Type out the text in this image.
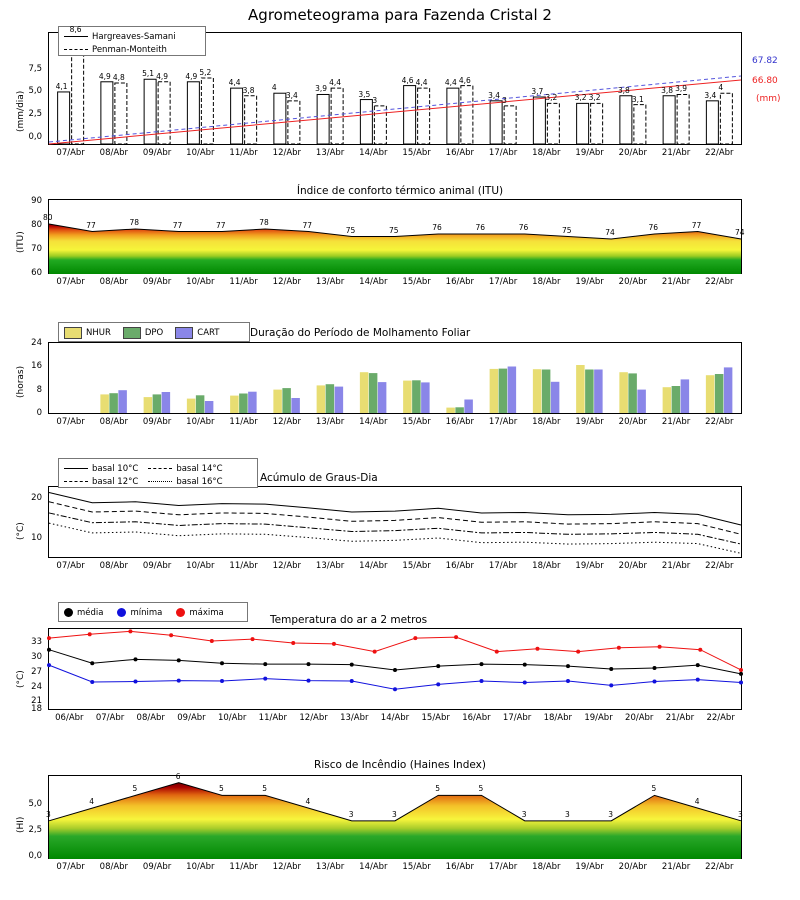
Agrometeograma para Fazenda Cristal 2
(mm/dia)
7,5
5,0
2,5
0,0
Hargreaves-Samani
Penman-Monteith
67.82
66.80
(mm)
4,1
8,6
4,9 4,8 5,1 4,9 4,9 5,2
4,4
3,8 4
3,4
3,9
4,4
3,5
3
4,6 4,4 4,4 4,6
3,4
3
3,7
3,2 3,2 3,2
3,8
3,1
3,8 3,9
3,4
4
07/Abr	08/Abr	09/Abr	10/Abr	11/Abr	12/Abr	13/Abr	14/Abr	15/Abr	16/Abr	17/Abr	18/Abr	19/Abr	20/Abr	21/Abr	22/Abr
Índice de conforto térmico animal (ITU)
(ITU)
90
80
70
60
80
77	78	77	77	78	77
75	75	76	76	76	75	74
76	77
74
07/Abr	08/Abr	09/Abr	10/Abr	11/Abr	12/Abr	13/Abr	14/Abr	15/Abr	16/Abr	17/Abr	18/Abr	19/Abr	20/Abr	21/Abr	22/Abr
Duração do Período de Molhamento Foliar
(horas)
24
16
8
0
NHUR	DPO	CART
07/Abr	08/Abr	09/Abr	10/Abr	11/Abr	12/Abr	13/Abr	14/Abr	15/Abr	16/Abr	17/Abr	18/Abr	19/Abr	20/Abr	21/Abr	22/Abr
Acúmulo de Graus-Dia
(°C)
20
10
basal 10°C
basal 12°C
basal 14°C
basal 16°C
07/Abr	08/Abr	09/Abr	10/Abr	11/Abr	12/Abr	13/Abr	14/Abr	15/Abr	16/Abr	17/Abr	18/Abr	19/Abr	20/Abr	21/Abr	22/Abr
Temperatura do ar a 2 metros
(°C)
33
30
27
24
21
18
média	mínima	máxima
06/Abr	07/Abr	08/Abr	09/Abr	10/Abr	11/Abr	12/Abr	13/Abr	14/Abr	15/Abr	16/Abr	17/Abr	18/Abr	19/Abr	20/Abr	21/Abr	22/Abr
Risco de Incêndio (Haines Index)
(HI)
5,0
2,5
0,0
3
4
5
6
5	5
4
3	3
5	5
3	3	3
5
4
3
07/Abr	08/Abr	09/Abr	10/Abr	11/Abr	12/Abr	13/Abr	14/Abr	15/Abr	16/Abr	17/Abr	18/Abr	19/Abr	20/Abr	21/Abr	22/Abr
